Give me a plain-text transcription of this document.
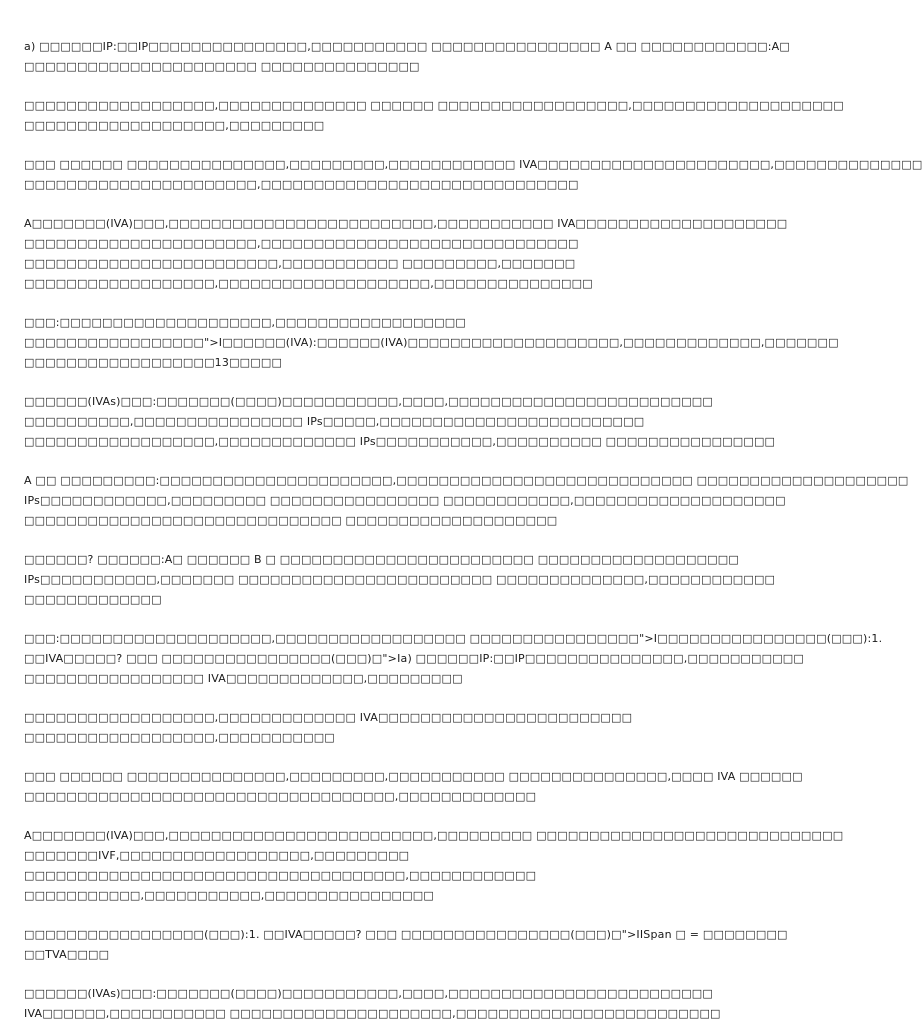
a) □□□□□□IP:□□IP□□□□□□□□□□□□□□□,□□□□□□□□□□□ □□□□□□□□□□□□□□□□ A □□ □□□□□□□□□□□□:A□
□□□□□□□□□□□□□□□□□□□□□□ □□□□□□□□□□□□□□□
□□□□□□□□□□□□□□□□□□,□□□□□□□□□□□□□□ □□□□□□ □□□□□□□□□□□□□□□□□□,□□□□□□□□□□□□□□□□□□□□
□□□□□□□□□□□□□□□□□□□,□□□□□□□□□
□□□ □□□□□□ □□□□□□□□□□□□□□□,□□□□□□□□□,□□□□□□□□□□□□ IVA□□□□□□□□□□□□□□□□□□□□□□,□□□□□□□□□□□□□□
□□□□□□□□□□□□□□□□□□□□□□,□□□□□□□□□□□□□□□□□□□□□□□□□□□□□□
A□□□□□□□(IVA)□□□,□□□□□□□□□□□□□□□□□□□□□□□□□,□□□□□□□□□□□ IVA□□□□□□□□□□□□□□□□□□□□
□□□□□□□□□□□□□□□□□□□□□□,□□□□□□□□□□□□□□□□□□□□□□□□□□□□□□
□□□□□□□□□□□□□□□□□□□□□□□□,□□□□□□□□□□□ □□□□□□□□□,□□□□□□□
□□□□□□□□□□□□□□□□□□,□□□□□□□□□□□□□□□□□□□□,□□□□□□□□□□□□□□□
□□□:□□□□□□□□□□□□□□□□□□□□,□□□□□□□□□□□□□□□□□□
□□□□□□□□□□□□□□□□□">I□□□□□□(IVA):□□□□□□(IVA)□□□□□□□□□□□□□□□□□□□□,□□□□□□□□□□□□□,□□□□□□□
□□□□□□□□□□□□□□□□□□13□□□□□
□□□□□□(IVAs)□□□:□□□□□□□(□□□□)□□□□□□□□□□□,□□□□,□□□□□□□□□□□□□□□□□□□□□□□□□
□□□□□□□□□□,□□□□□□□□□□□□□□□□ IPs□□□□□,□□□□□□□□□□□□□□□□□□□□□□□□□
□□□□□□□□□□□□□□□□□□,□□□□□□□□□□□□□ IPs□□□□□□□□□□□,□□□□□□□□□□ □□□□□□□□□□□□□□□□
A □□ □□□□□□□□□:□□□□□□□□□□□□□□□□□□□□□□,□□□□□□□□□□□□□□□□□□□□□□□□□□□□ □□□□□□□□□□□□□□□□□□□□
IPs□□□□□□□□□□□□,□□□□□□□□□ □□□□□□□□□□□□□□□□ □□□□□□□□□□□□,□□□□□□□□□□□□□□□□□□□□
□□□□□□□□□□□□□□□□□□□□□□□□□□□□□□ □□□□□□□□□□□□□□□□□□□□
□□□□□□? □□□□□□:A□ □□□□□□ B □ □□□□□□□□□□□□□□□□□□□□□□□□ □□□□□□□□□□□□□□□□□□□
IPs□□□□□□□□□□□,□□□□□□□ □□□□□□□□□□□□□□□□□□□□□□□□ □□□□□□□□□□□□□□,□□□□□□□□□□□□
□□□□□□□□□□□□□
□□□:□□□□□□□□□□□□□□□□□□□□,□□□□□□□□□□□□□□□□□□ □□□□□□□□□□□□□□□□">I□□□□□□□□□□□□□□□□(□□□):1.
□□IVA□□□□□? □□□ □□□□□□□□□□□□□□□□(□□□)□">Ia) □□□□□□IP:□□IP□□□□□□□□□□□□□□□,□□□□□□□□□□□
□□□□□□□□□□□□□□□□□ IVA□□□□□□□□□□□□□,□□□□□□□□□
□□□□□□□□□□□□□□□□□□,□□□□□□□□□□□□□ IVA□□□□□□□□□□□□□□□□□□□□□□□□
□□□□□□□□□□□□□□□□□□,□□□□□□□□□□□
□□□ □□□□□□ □□□□□□□□□□□□□□□,□□□□□□□□□,□□□□□□□□□□□ □□□□□□□□□□□□□□□,□□□□ IVA □□□□□□
□□□□□□□□□□□□□□□□□□□□□□□□□□□□□□□□□□□,□□□□□□□□□□□□□
A□□□□□□□(IVA)□□□,□□□□□□□□□□□□□□□□□□□□□□□□□,□□□□□□□□□ □□□□□□□□□□□□□□□□□□□□□□□□□□□□□
□□□□□□□IVF,□□□□□□□□□□□□□□□□□□,□□□□□□□□□
□□□□□□□□□□□□□□□□□□□□□□□□□□□□□□□□□□□□,□□□□□□□□□□□□
□□□□□□□□□□□,□□□□□□□□□□□,□□□□□□□□□□□□□□□□
□□□□□□□□□□□□□□□□□(□□□):1. □□IVA□□□□□? □□□ □□□□□□□□□□□□□□□□(□□□)□">IISpan □ = □□□□□□□□
□□TVA□□□□
□□□□□□(IVAs)□□□:□□□□□□□(□□□□)□□□□□□□□□□□,□□□□,□□□□□□□□□□□□□□□□□□□□□□□□□
IVA□□□□□□,□□□□□□□□□□□ □□□□□□□□□□□□□□□□□□□□□,□□□□□□□□□□□□□□□□□□□□□□□□□
